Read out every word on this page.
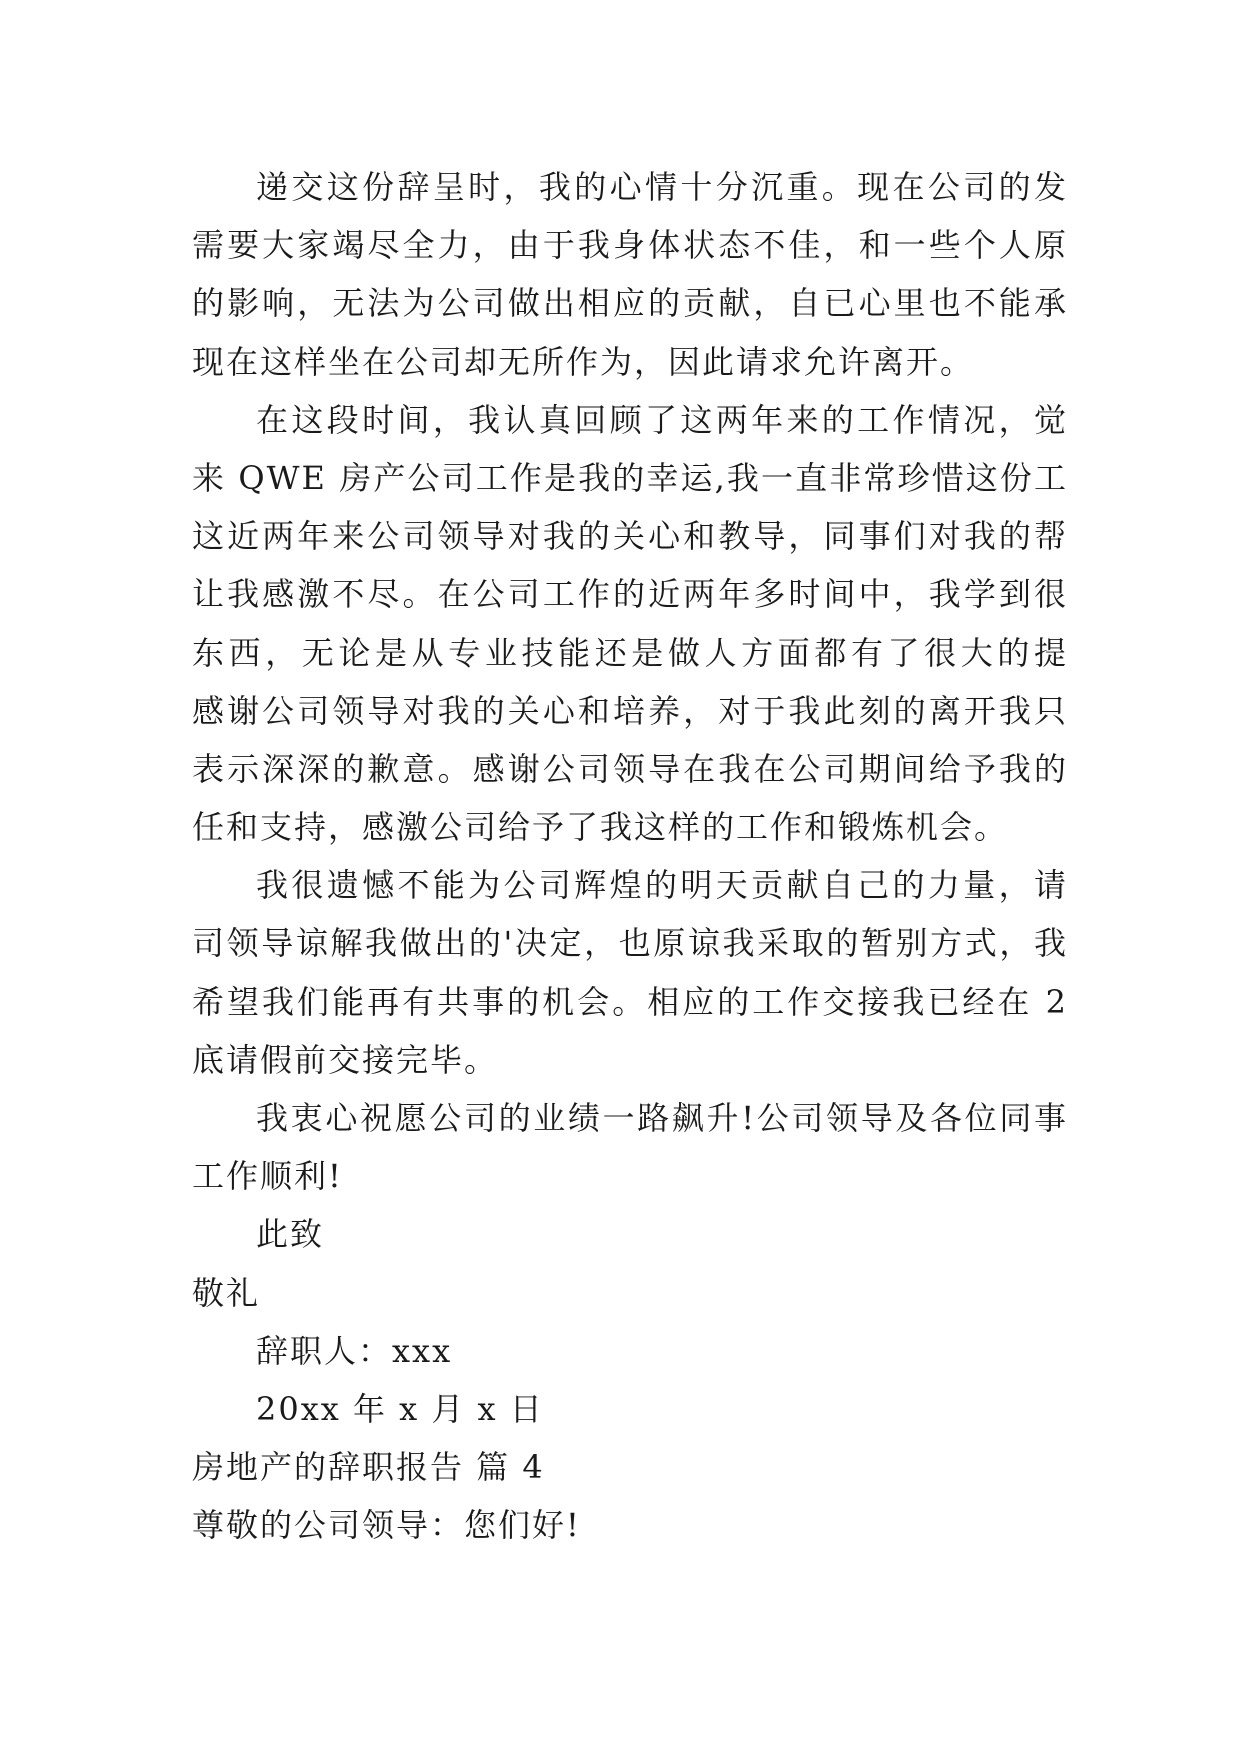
递交这份辞呈时，我的心情十分沉重。现在公司的发
需要大家竭尽全力，由于我身体状态不佳，和一些个人原
的影响，无法为公司做出相应的贡献，自已心里也不能承
现在这样坐在公司却无所作为，因此请求允许离开。
在这段时间，我认真回顾了这两年来的工作情况，觉
来 QWE 房产公司工作是我的幸运,我一直非常珍惜这份工
这近两年来公司领导对我的关心和教导，同事们对我的帮
让我感激不尽。在公司工作的近两年多时间中，我学到很
东西，无论是从专业技能还是做人方面都有了很大的提
感谢公司领导对我的关心和培养，对于我此刻的离开我只
表示深深的歉意。感谢公司领导在我在公司期间给予我的
任和支持，感激公司给予了我这样的工作和锻炼机会。
我很遗憾不能为公司辉煌的明天贡献自己的力量，请
司领导谅解我做出的'决定，也原谅我采取的暂别方式，我
希望我们能再有共事的机会。相应的工作交接我已经在 2
底请假前交接完毕。
我衷心祝愿公司的业绩一路飙升!公司领导及各位同事
工作顺利!
此致
敬礼
辞职人：xxx
20xx 年 x 月 x 日
房地产的辞职报告 篇 4
尊敬的公司领导：您们好!
